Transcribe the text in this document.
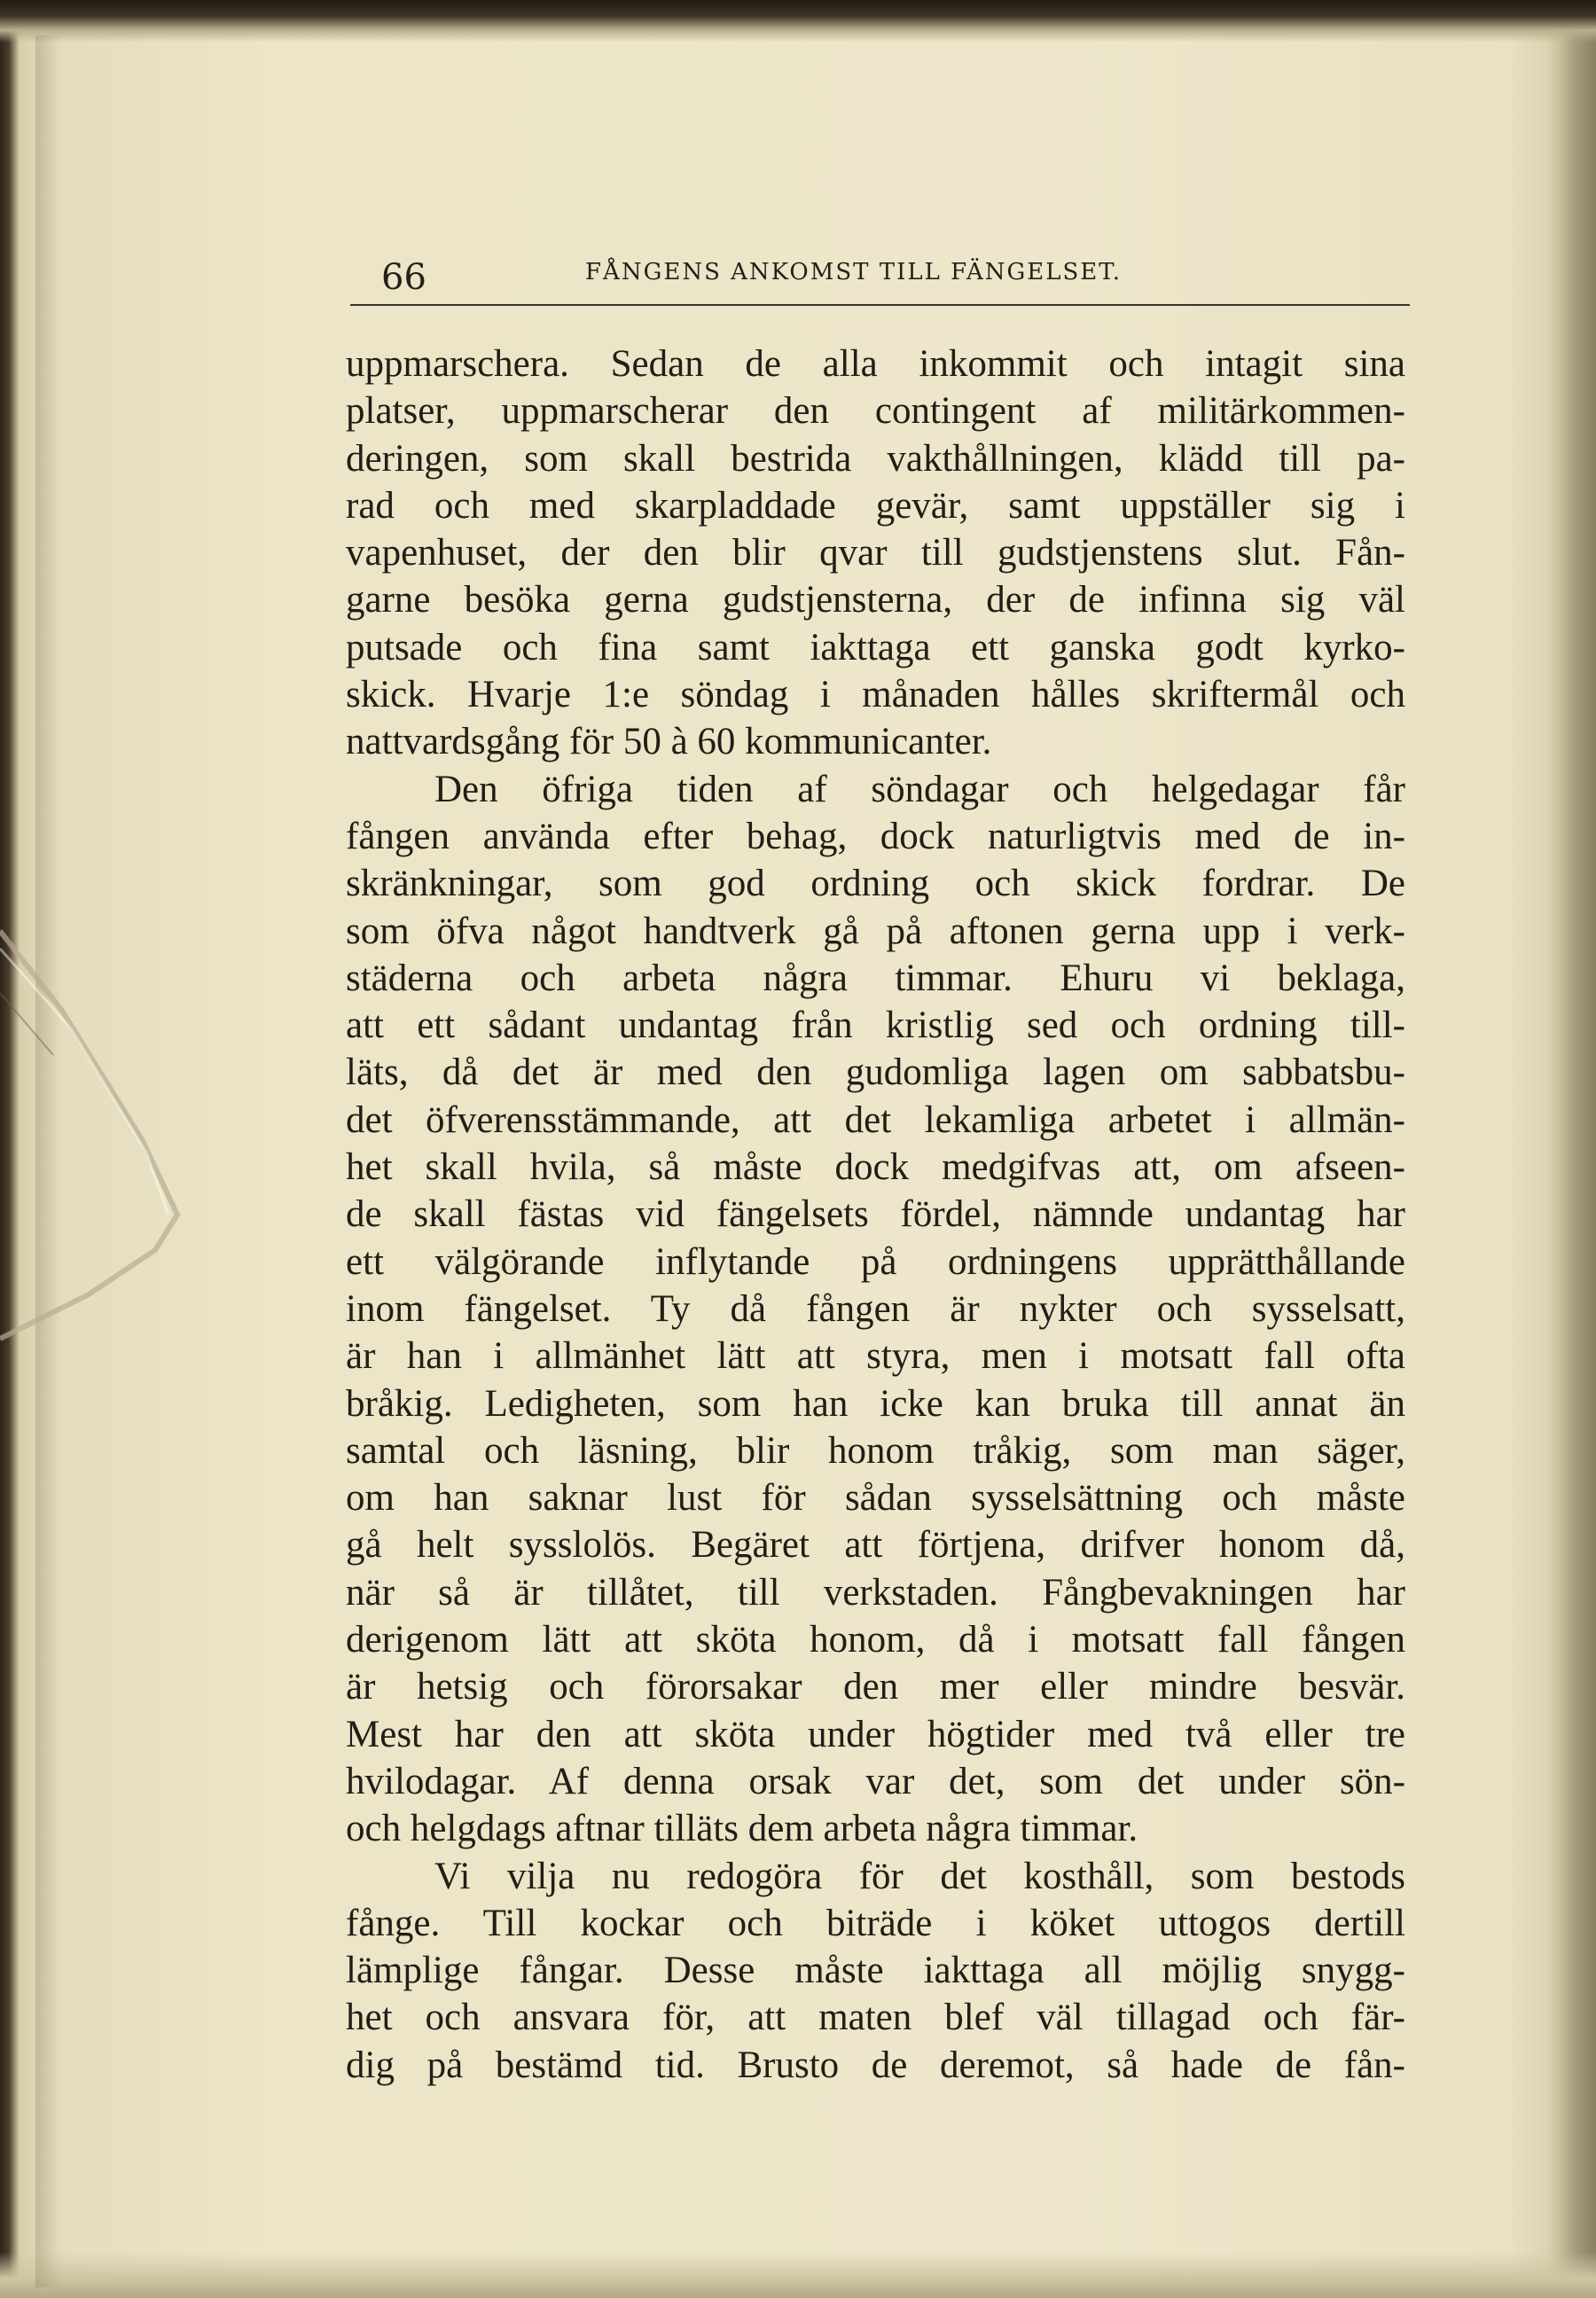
66	FÅNGENS ANKOMST TILL FÄNGELSET.
uppmarschera. Sedan de alla inkommit och intagit sina
platser, uppmarscherar den contingent af militärkommen-
deringen, som skall bestrida vakthållningen, klädd till pa-
rad och med skarpladdade gevär, samt uppställer sig i
vapenhuset, der den blir qvar till gudstjenstens slut. Fån-
garne besöka gerna gudstjensterna, der de infinna sig väl
putsade och fina samt iakttaga ett ganska godt kyrko-
skick. Hvarje 1:e söndag i månaden hålles skriftermål och
nattvardsgång för 50 à 60 kommunicanter.
Den öfriga tiden af söndagar och helgedagar får
fången använda efter behag, dock naturligtvis med de in-
skränkningar, som god ordning och skick fordrar. De
som öfva något handtverk gå på aftonen gerna upp i verk-
städerna och arbeta några timmar. Ehuru vi beklaga,
att ett sådant undantag från kristlig sed och ordning till-
läts, då det är med den gudomliga lagen om sabbatsbu-
det öfverensstämmande, att det lekamliga arbetet i allmän-
het skall hvila, så måste dock medgifvas att, om afseen-
de skall fästas vid fängelsets fördel, nämnde undantag har
ett välgörande inflytande på ordningens upprätthållande
inom fängelset. Ty då fången är nykter och sysselsatt,
är han i allmänhet lätt att styra, men i motsatt fall ofta
bråkig. Ledigheten, som han icke kan bruka till annat än
samtal och läsning, blir honom tråkig, som man säger,
om han saknar lust för sådan sysselsättning och måste
gå helt sysslolös. Begäret att förtjena, drifver honom då,
när så är tillåtet, till verkstaden. Fångbevakningen har
derigenom lätt att sköta honom, då i motsatt fall fången
är hetsig och förorsakar den mer eller mindre besvär.
Mest har den att sköta under högtider med två eller tre
hvilodagar. Af denna orsak var det, som det under sön-
och helgdags aftnar tilläts dem arbeta några timmar.
Vi vilja nu redogöra för det kosthåll, som bestods
fånge. Till kockar och biträde i köket uttogos dertill
lämplige fångar. Desse måste iakttaga all möjlig snygg-
het och ansvara för, att maten blef väl tillagad och fär-
dig på bestämd tid. Brusto de deremot, så hade de fån-
